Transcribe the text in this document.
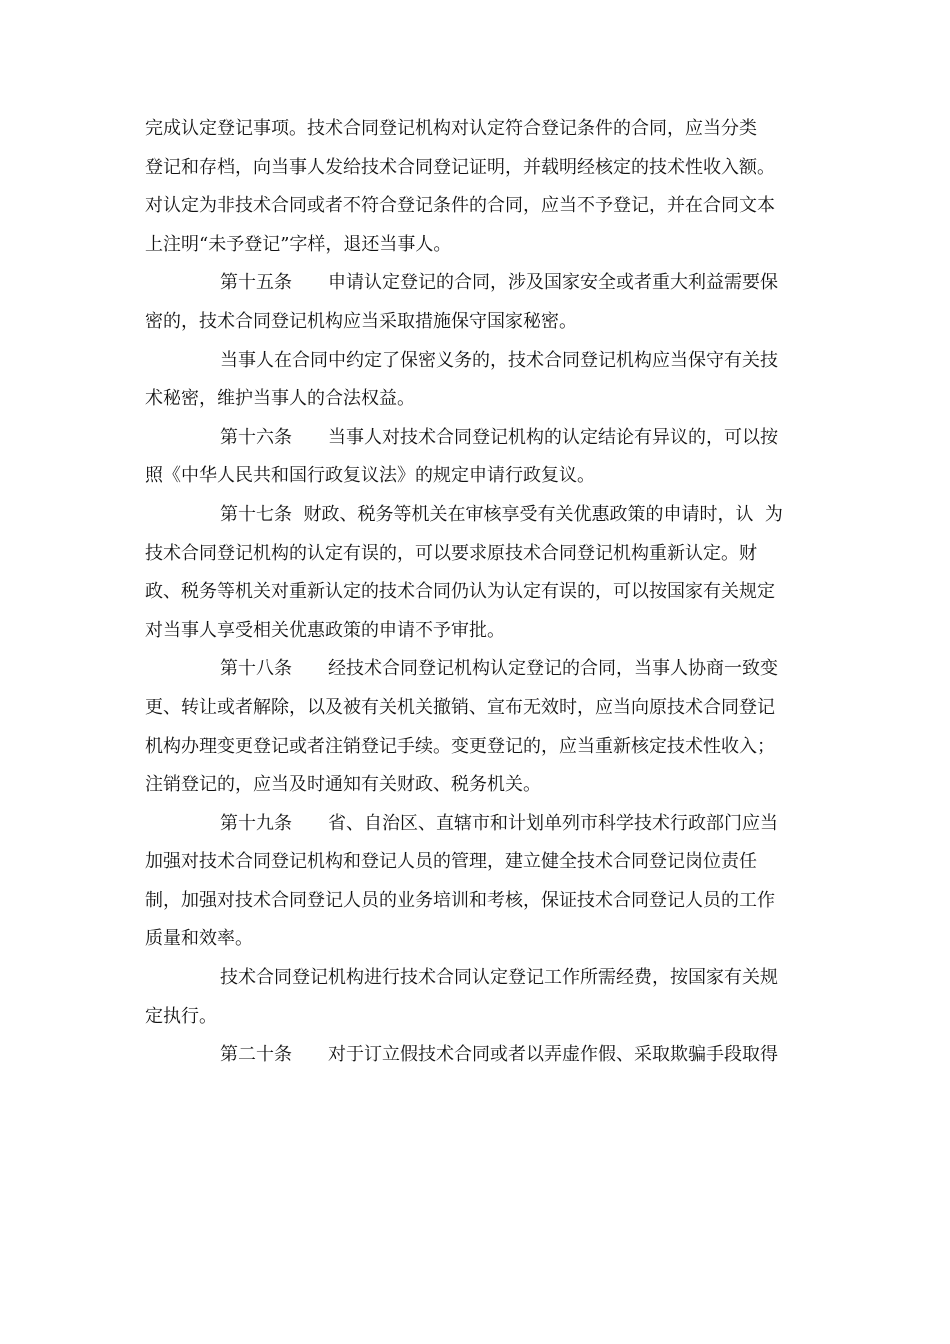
完成认定登记事项。技术合同登记机构对认定符合登记条件的合同，应当分类
登记和存档，向当事人发给技术合同登记证明，并载明经核定的技术性收入额。
对认定为非技术合同或者不符合登记条件的合同，应当不予登记，并在合同文本
上注明“未予登记”字样，退还当事人。
第十五条　　申请认定登记的合同，涉及国家安全或者重大利益需要保
密的，技术合同登记机构应当采取措施保守国家秘密。
当事人在合同中约定了保密义务的，技术合同登记机构应当保守有关技
术秘密，维护当事人的合法权益。
第十六条　　当事人对技术合同登记机构的认定结论有异议的，可以按
照《中华人民共和国行政复议法》的规定申请行政复议。
第十七条  财政、税务等机关在审核享受有关优惠政策的申请时，认  为
技术合同登记机构的认定有误的，可以要求原技术合同登记机构重新认定。财
政、税务等机关对重新认定的技术合同仍认为认定有误的，可以按国家有关规定
对当事人享受相关优惠政策的申请不予审批。
第十八条　　经技术合同登记机构认定登记的合同，当事人协商一致变
更、转让或者解除，以及被有关机关撤销、宣布无效时，应当向原技术合同登记
机构办理变更登记或者注销登记手续。变更登记的，应当重新核定技术性收入；
注销登记的，应当及时通知有关财政、税务机关。
第十九条　　省、自治区、直辖市和计划单列市科学技术行政部门应当
加强对技术合同登记机构和登记人员的管理，建立健全技术合同登记岗位责任
制，加强对技术合同登记人员的业务培训和考核，保证技术合同登记人员的工作
质量和效率。
技术合同登记机构进行技术合同认定登记工作所需经费，按国家有关规
定执行。
第二十条　　对于订立假技术合同或者以弄虚作假、采取欺骗手段取得
